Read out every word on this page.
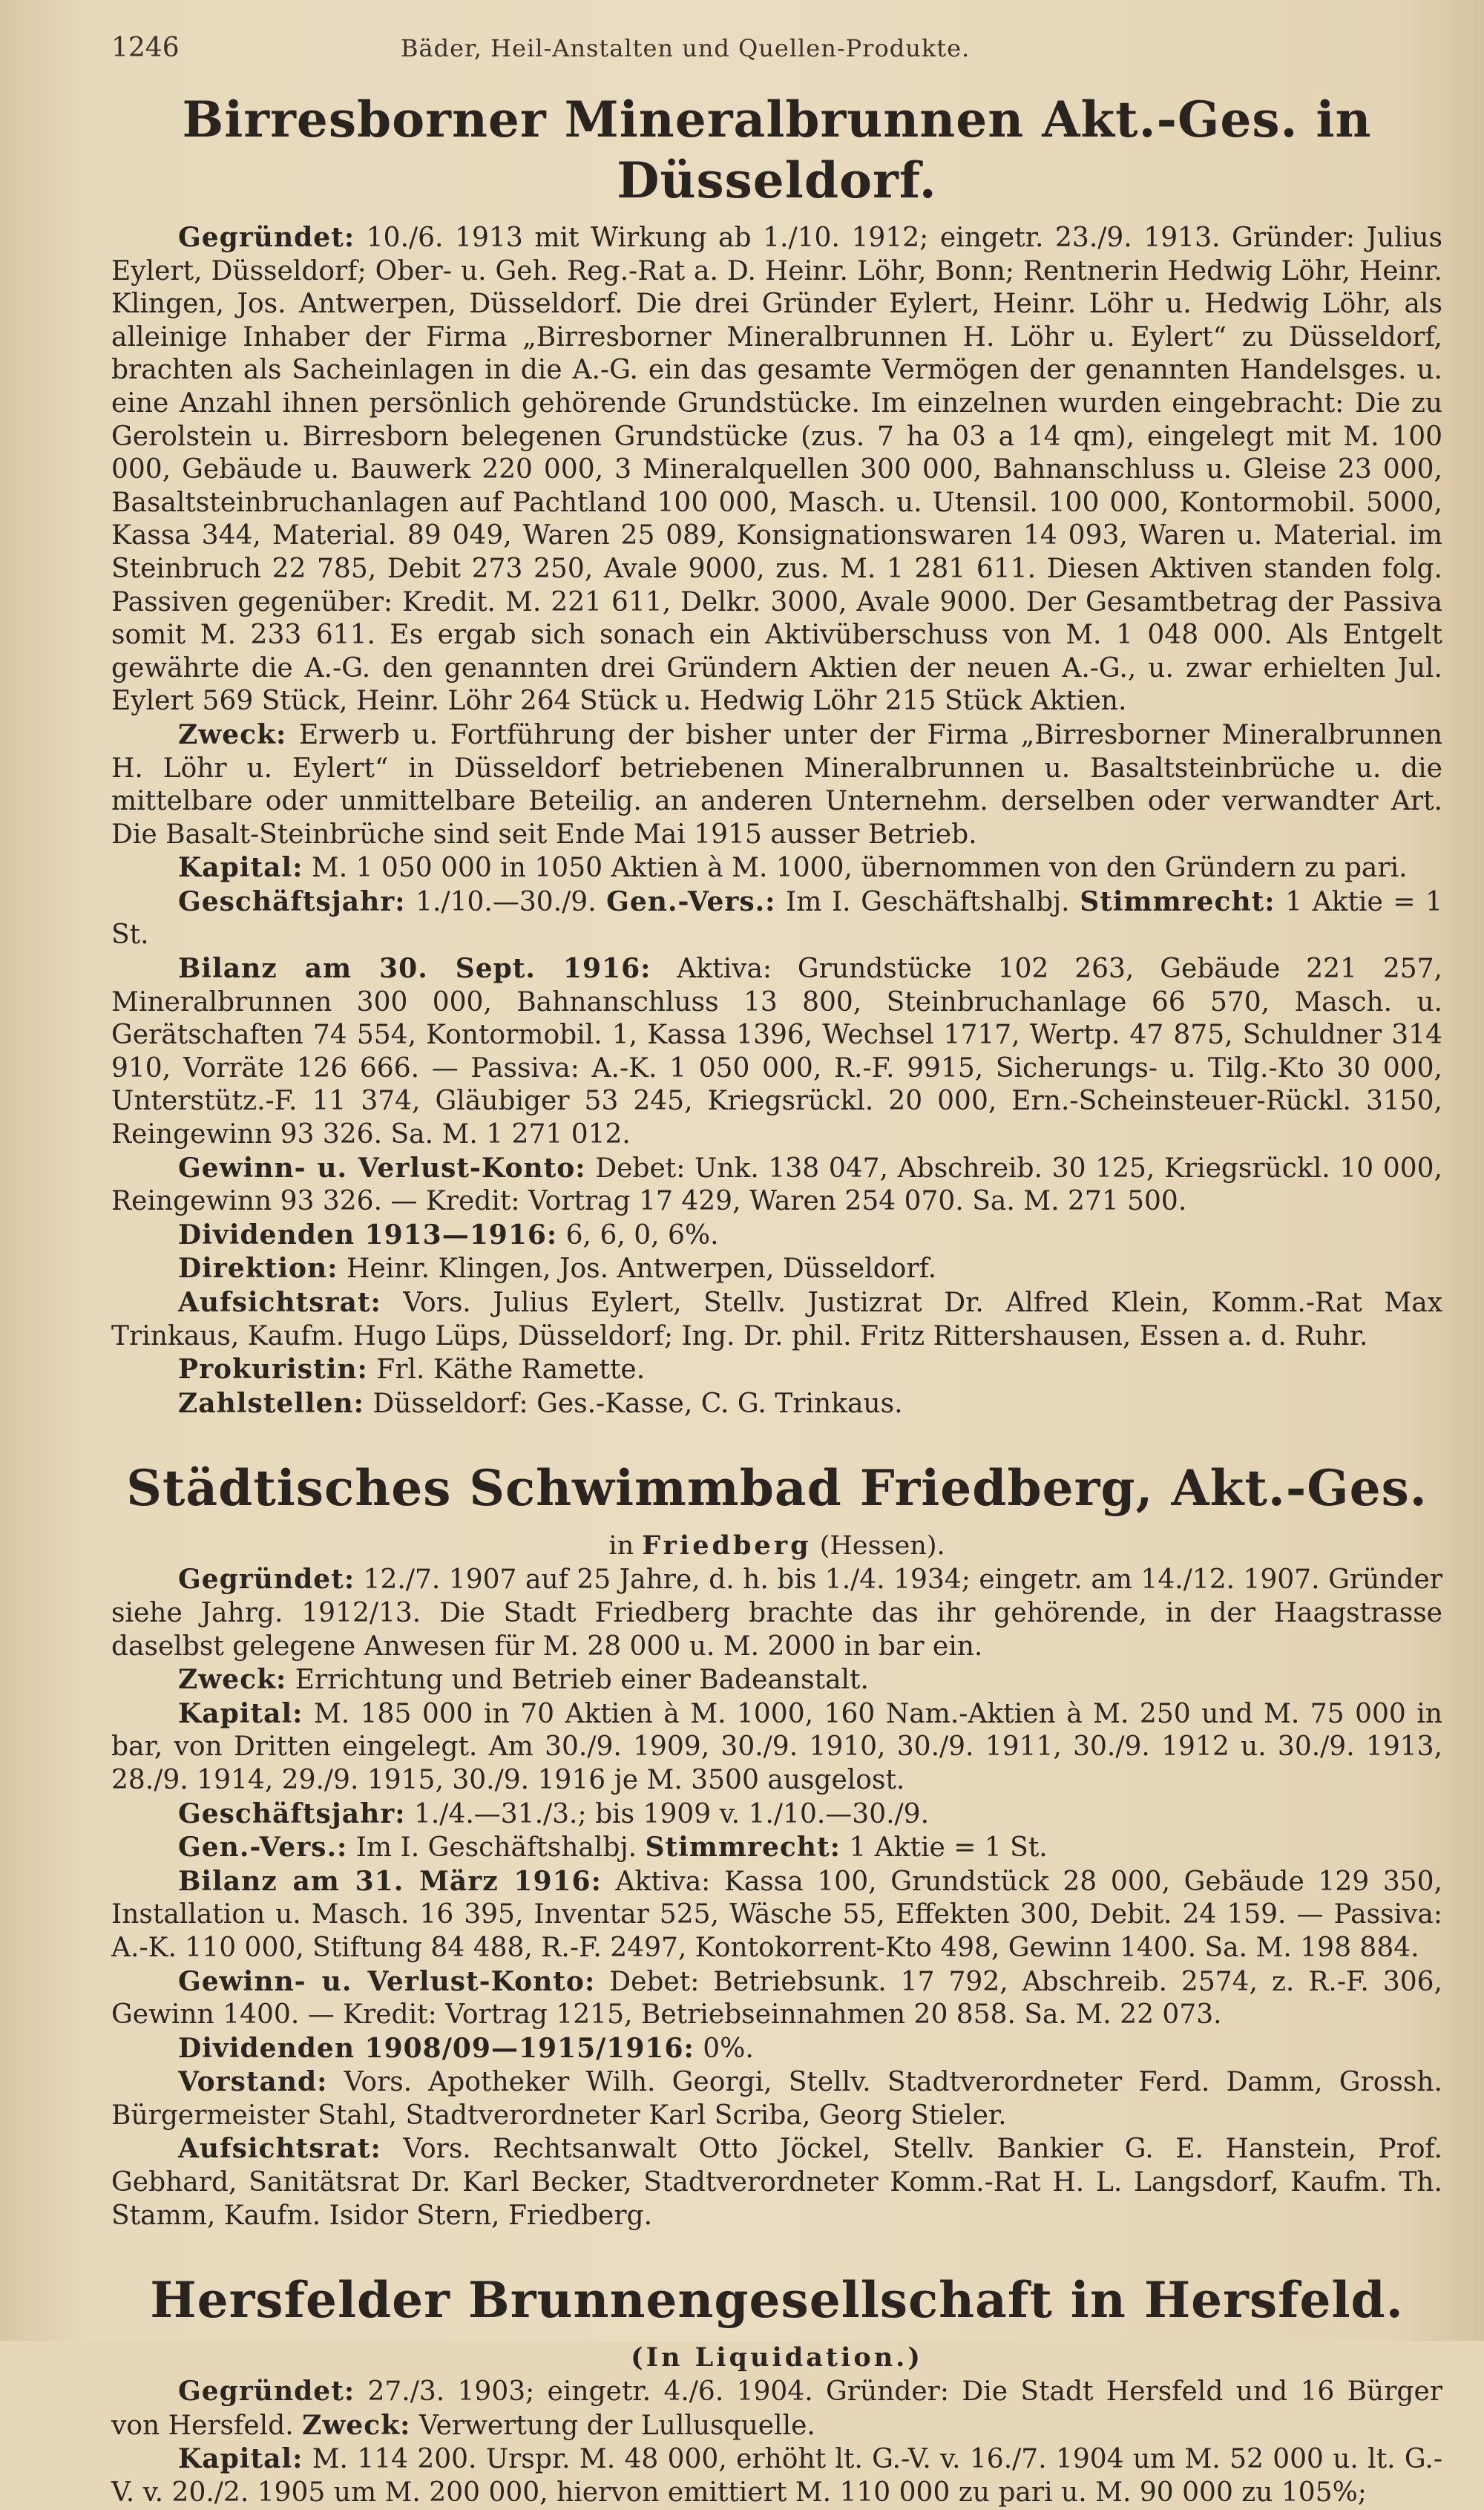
1246	Bäder, Heil-Anstalten und Quellen-Produkte.
Birresborner Mineralbrunnen Akt.-Ges. in Düsseldorf.

Gegründet: 10./6. 1913 mit Wirkung ab 1./10. 1912; eingetr. 23./9. 1913. Gründer: Julius Eylert, Düsseldorf; Ober- u. Geh. Reg.-Rat a. D. Heinr. Löhr, Bonn; Rentnerin Hedwig Löhr, Heinr. Klingen, Jos. Antwerpen, Düsseldorf. Die drei Gründer Eylert, Heinr. Löhr u. Hedwig Löhr, als alleinige Inhaber der Firma „Birresborner Mineralbrunnen H. Löhr u. Eylert“ zu Düsseldorf, brachten als Sacheinlagen in die A.-G. ein das gesamte Vermögen der genannten Handelsges. u. eine Anzahl ihnen persönlich gehörende Grundstücke. Im einzelnen wurden eingebracht: Die zu Gerolstein u. Birresborn belegenen Grundstücke (zus. 7 ha 03 a 14 qm), eingelegt mit M. 100 000, Gebäude u. Bauwerk 220 000, 3 Mineralquellen 300 000, Bahnanschluss u. Gleise 23 000, Basaltsteinbruchanlagen auf Pachtland 100 000, Masch. u. Utensil. 100 000, Kontormobil. 5000, Kassa 344, Material. 89 049, Waren 25 089, Konsignationswaren 14 093, Waren u. Material. im Steinbruch 22 785, Debit 273 250, Avale 9000, zus. M. 1 281 611. Diesen Aktiven standen folg. Passiven gegenüber: Kredit. M. 221 611, Delkr. 3000, Avale 9000. Der Gesamtbetrag der Passiva somit M. 233 611. Es ergab sich sonach ein Aktivüberschuss von M. 1 048 000. Als Entgelt gewährte die A.-G. den genannten drei Gründern Aktien der neuen A.-G., u. zwar erhielten Jul. Eylert 569 Stück, Heinr. Löhr 264 Stück u. Hedwig Löhr 215 Stück Aktien.

Zweck: Erwerb u. Fortführung der bisher unter der Firma „Birresborner Mineralbrunnen H. Löhr u. Eylert“ in Düsseldorf betriebenen Mineralbrunnen u. Basaltsteinbrüche u. die mittelbare oder unmittelbare Beteilig. an anderen Unternehm. derselben oder verwandter Art. Die Basalt-Steinbrüche sind seit Ende Mai 1915 ausser Betrieb.

Kapital: M. 1 050 000 in 1050 Aktien à M. 1000, übernommen von den Gründern zu pari.

Geschäftsjahr: 1./10.—30./9. Gen.-Vers.: Im I. Geschäftshalbj. Stimmrecht: 1 Aktie = 1 St.

Bilanz am 30. Sept. 1916: Aktiva: Grundstücke 102 263, Gebäude 221 257, Mineralbrunnen 300 000, Bahnanschluss 13 800, Steinbruchanlage 66 570, Masch. u. Gerätschaften 74 554, Kontormobil. 1, Kassa 1396, Wechsel 1717, Wertp. 47 875, Schuldner 314 910, Vorräte 126 666. — Passiva: A.-K. 1 050 000, R.-F. 9915, Sicherungs- u. Tilg.-Kto 30 000, Unterstütz.-F. 11 374, Gläubiger 53 245, Kriegsrückl. 20 000, Ern.-Scheinsteuer-Rückl. 3150, Reingewinn 93 326. Sa. M. 1 271 012.

Gewinn- u. Verlust-Konto: Debet: Unk. 138 047, Abschreib. 30 125, Kriegsrückl. 10 000, Reingewinn 93 326. — Kredit: Vortrag 17 429, Waren 254 070. Sa. M. 271 500.

Dividenden 1913—1916: 6, 6, 0, 6%.

Direktion: Heinr. Klingen, Jos. Antwerpen, Düsseldorf.

Aufsichtsrat: Vors. Julius Eylert, Stellv. Justizrat Dr. Alfred Klein, Komm.-Rat Max Trinkaus, Kaufm. Hugo Lüps, Düsseldorf; Ing. Dr. phil. Fritz Rittershausen, Essen a. d. Ruhr.

Prokuristin: Frl. Käthe Ramette.

Zahlstellen: Düsseldorf: Ges.-Kasse, C. G. Trinkaus.

Städtisches Schwimmbad Friedberg, Akt.-Ges.

in Friedberg (Hessen).

Gegründet: 12./7. 1907 auf 25 Jahre, d. h. bis 1./4. 1934; eingetr. am 14./12. 1907. Gründer siehe Jahrg. 1912/13. Die Stadt Friedberg brachte das ihr gehörende, in der Haagstrasse daselbst gelegene Anwesen für M. 28 000 u. M. 2000 in bar ein.

Zweck: Errichtung und Betrieb einer Badeanstalt.

Kapital: M. 185 000 in 70 Aktien à M. 1000, 160 Nam.-Aktien à M. 250 und M. 75 000 in bar, von Dritten eingelegt. Am 30./9. 1909, 30./9. 1910, 30./9. 1911, 30./9. 1912 u. 30./9. 1913, 28./9. 1914, 29./9. 1915, 30./9. 1916 je M. 3500 ausgelost.

Geschäftsjahr: 1./4.—31./3.; bis 1909 v. 1./10.—30./9.

Gen.-Vers.: Im I. Geschäftshalbj. Stimmrecht: 1 Aktie = 1 St.

Bilanz am 31. März 1916: Aktiva: Kassa 100, Grundstück 28 000, Gebäude 129 350, Installation u. Masch. 16 395, Inventar 525, Wäsche 55, Effekten 300, Debit. 24 159. — Passiva: A.-K. 110 000, Stiftung 84 488, R.-F. 2497, Kontokorrent-Kto 498, Gewinn 1400. Sa. M. 198 884.

Gewinn- u. Verlust-Konto: Debet: Betriebsunk. 17 792, Abschreib. 2574, z. R.-F. 306, Gewinn 1400. — Kredit: Vortrag 1215, Betriebseinnahmen 20 858. Sa. M. 22 073.

Dividenden 1908/09—1915/1916: 0%.

Vorstand: Vors. Apotheker Wilh. Georgi, Stellv. Stadtverordneter Ferd. Damm, Grossh. Bürgermeister Stahl, Stadtverordneter Karl Scriba, Georg Stieler.

Aufsichtsrat: Vors. Rechtsanwalt Otto Jöckel, Stellv. Bankier G. E. Hanstein, Prof. Gebhard, Sanitätsrat Dr. Karl Becker, Stadtverordneter Komm.-Rat H. L. Langsdorf, Kaufm. Th. Stamm, Kaufm. Isidor Stern, Friedberg.

Hersfelder Brunnengesellschaft in Hersfeld.

(In Liquidation.)

Gegründet: 27./3. 1903; eingetr. 4./6. 1904. Gründer: Die Stadt Hersfeld und 16 Bürger von Hersfeld. Zweck: Verwertung der Lullusquelle.

Kapital: M. 114 200. Urspr. M. 48 000, erhöht lt. G.-V. v. 16./7. 1904 um M. 52 000 u. lt. G.-V. v. 20./2. 1905 um M. 200 000, hiervon emittiert M. 110 000 zu pari u. M. 90 000 zu 105%;
